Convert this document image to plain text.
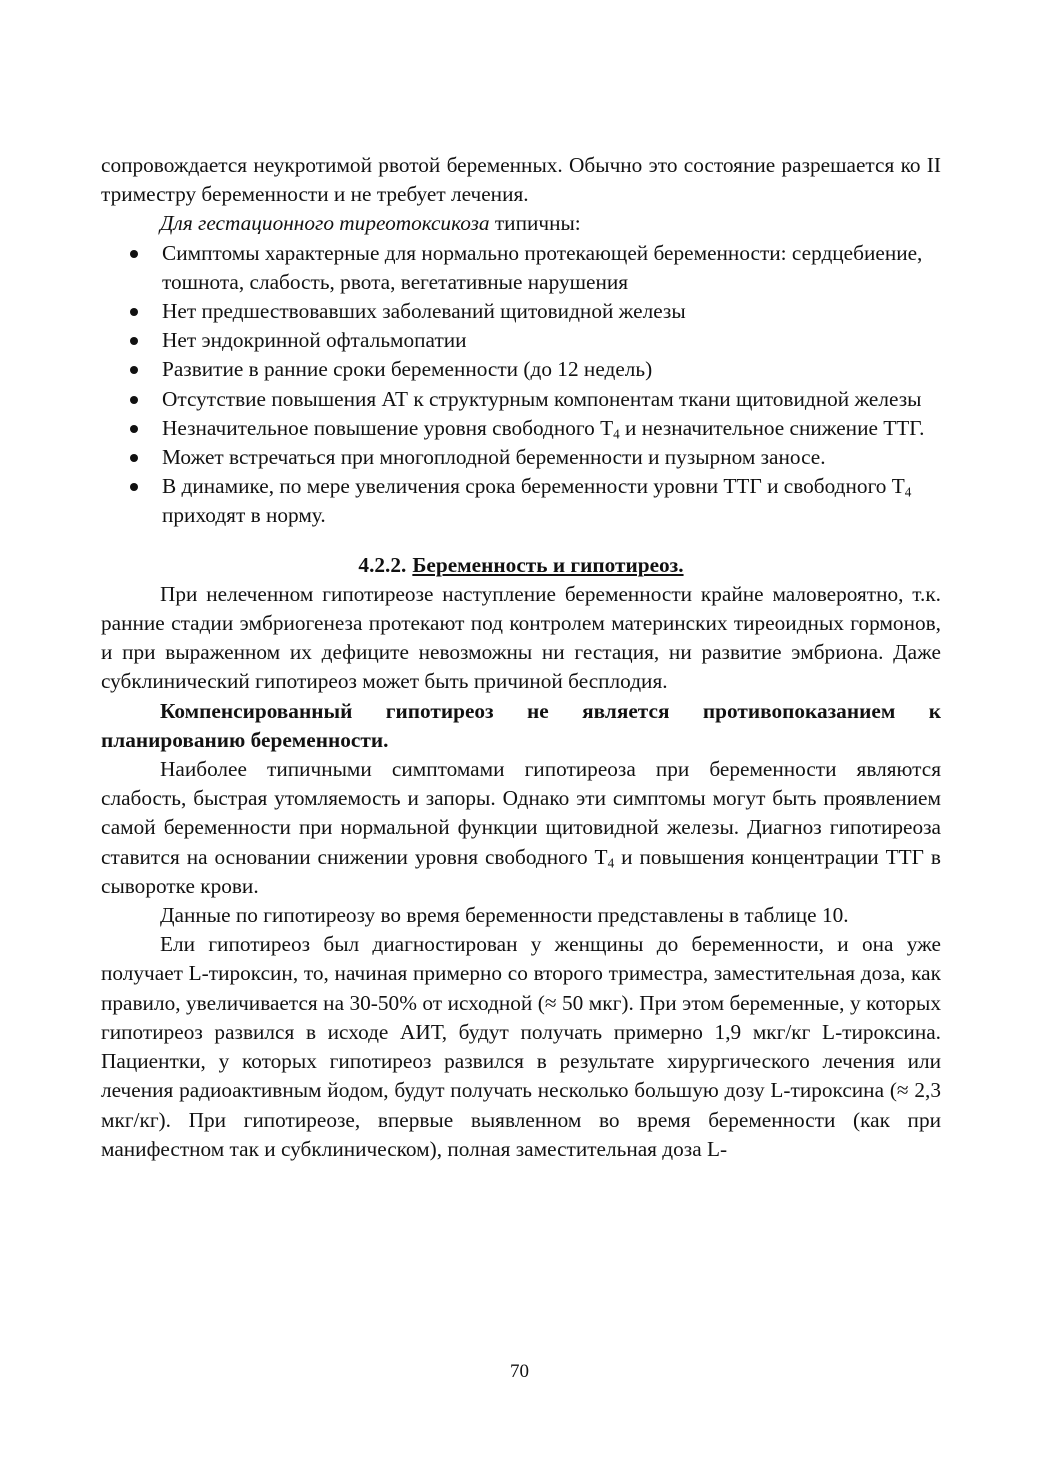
сопровождается неукротимой рвотой беременных. Обычно это состояние разрешается ко II триместру беременности и не требует лечения.

Для гестационного тиреотоксикоза типичны:

Симптомы характерные для нормально протекающей беременности: сердцебиение, тошнота, слабость, рвота, вегетативные нарушения
Нет предшествовавших заболеваний щитовидной железы
Нет эндокринной офтальмопатии
Развитие в ранние сроки беременности (до 12 недель)
Отсутствие повышения АТ к структурным компонентам ткани щитовидной железы
Незначительное повышение уровня свободного $Т_4$ и незначительное снижение ТТГ.
Может встречаться при многоплодной беременности и пузырном заносе.
В динамике, по мере увеличения срока беременности уровни ТТГ и свободного $Т_4$ приходят в норму.

4.2.2. Беременность и гипотиреоз.

При нелеченном гипотиреозе наступление беременности крайне маловероятно, т.к. ранние стадии эмбриогенеза протекают под контролем материнских тиреоидных гормонов, и при выраженном их дефиците невозможны ни гестация, ни развитие эмбриона. Даже субклинический гипотиреоз может быть причиной бесплодия.

Компенсированный гипотиреоз не является противопоказанием к планированию беременности.

Наиболее типичными симптомами гипотиреоза при беременности являются слабость, быстрая утомляемость и запоры. Однако эти симптомы могут быть проявлением самой беременности при нормальной функции щитовидной железы. Диагноз гипотиреоза ставится на основании снижении уровня свободного $Т_4$ и повышения концентрации ТТГ в сыворотке крови.

Данные по гипотиреозу во время беременности представлены в таблице 10.

Ели гипотиреоз был диагностирован у женщины до беременности, и она уже получает L-тироксин, то, начиная примерно со второго триместра, заместительная доза, как правило, увеличивается на 30-50% от исходной (≈ 50 мкг). При этом беременные, у которых гипотиреоз развился в исходе АИТ, будут получать примерно 1,9 мкг/кг L-тироксина. Пациентки, у которых гипотиреоз развился в результате хирургического лечения или лечения радиоактивным йодом, будут получать несколько большую дозу L-тироксина (≈ 2,3 мкг/кг). При гипотиреозе, впервые выявленном во время беременности (как при манифестном так и субклиническом), полная заместительная доза L-

70
